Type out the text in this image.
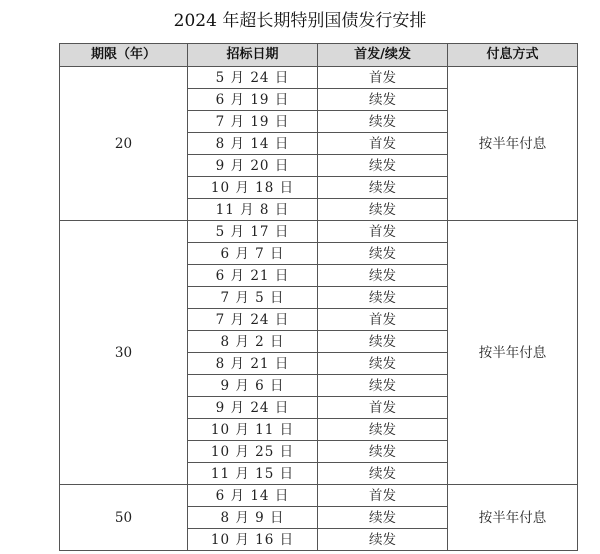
2024 年超长期特别国债发行安排
期限（年）	招标日期	首发/续发	付息方式
20	5 月 24 日	首发	按半年付息
	6 月 19 日	续发	
	7 月 19 日	续发	
	8 月 14 日	首发	
	9 月 20 日	续发	
	10 月 18 日	续发	
	11 月 8 日	续发	
30	5 月 17 日	首发	按半年付息
	6 月 7 日	续发	
	6 月 21 日	续发	
	7 月 5 日	续发	
	7 月 24 日	首发	
	8 月 2 日	续发	
	8 月 21 日	续发	
	9 月 6 日	续发	
	9 月 24 日	首发	
	10 月 11 日	续发	
	10 月 25 日	续发	
	11 月 15 日	续发	
50	6 月 14 日	首发	按半年付息
	8 月 9 日	续发	
	10 月 16 日	续发	
